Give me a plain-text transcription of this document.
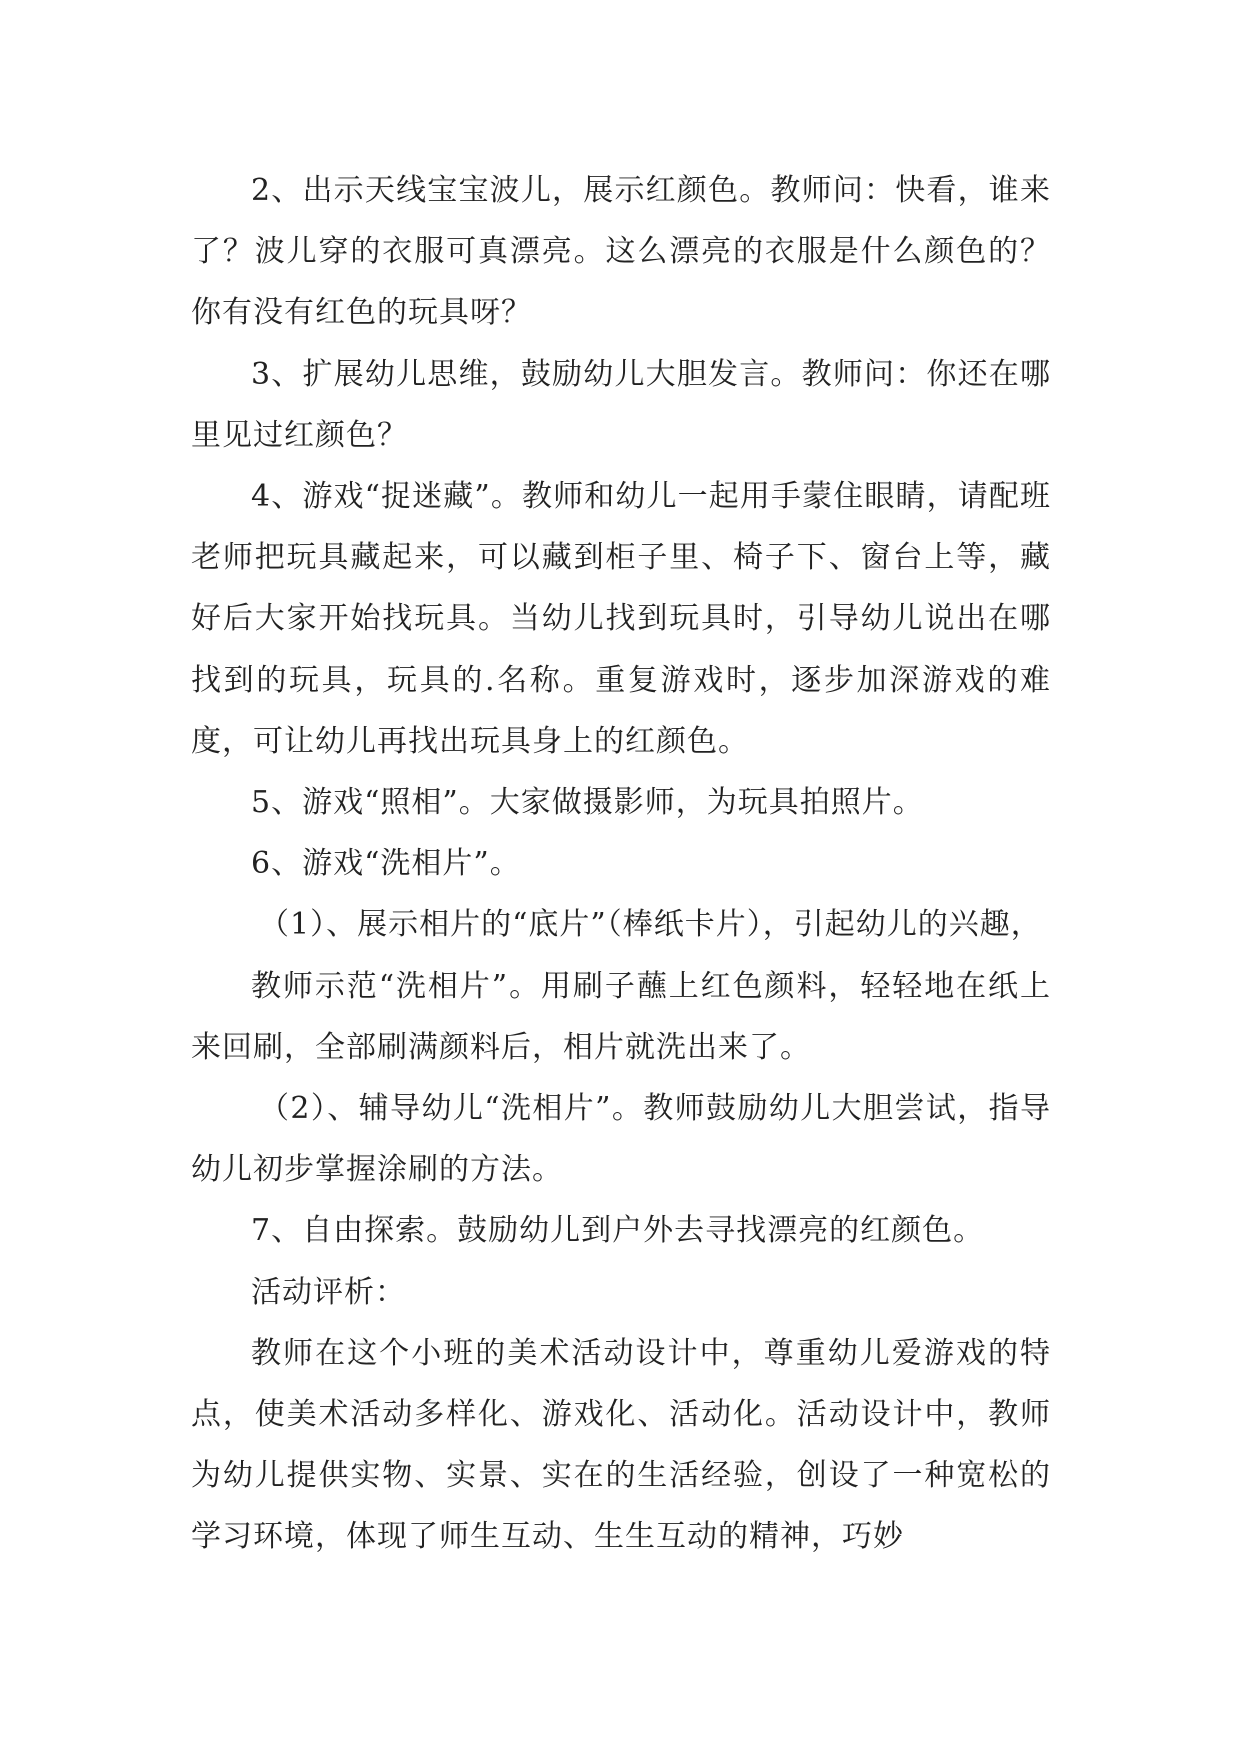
2、出示天线宝宝波儿，展示红颜色。教师问：快看，谁来了？波儿穿的衣服可真漂亮。这么漂亮的衣服是什么颜色的？你有没有红色的玩具呀？

3、扩展幼儿思维，鼓励幼儿大胆发言。教师问：你还在哪里见过红颜色？

4、游戏“捉迷藏”。教师和幼儿一起用手蒙住眼睛，请配班老师把玩具藏起来，可以藏到柜子里、椅子下、窗台上等，藏好后大家开始找玩具。当幼儿找到玩具时，引导幼儿说出在哪找到的玩具，玩具的.名称。重复游戏时，逐步加深游戏的难度，可让幼儿再找出玩具身上的红颜色。

5、游戏“照相”。大家做摄影师，为玩具拍照片。

6、游戏“洗相片”。

（1）、展示相片的“底片”（棒纸卡片），引起幼儿的兴趣，

教师示范“洗相片”。用刷子蘸上红色颜料，轻轻地在纸上来回刷，全部刷满颜料后，相片就洗出来了。

（2）、辅导幼儿“洗相片”。教师鼓励幼儿大胆尝试，指导幼儿初步掌握涂刷的方法。

7、自由探索。鼓励幼儿到户外去寻找漂亮的红颜色。

活动评析：

教师在这个小班的美术活动设计中，尊重幼儿爱游戏的特点，使美术活动多样化、游戏化、活动化。活动设计中，教师为幼儿提供实物、实景、实在的生活经验，创设了一种宽松的学习环境，体现了师生互动、生生互动的精神，巧妙
